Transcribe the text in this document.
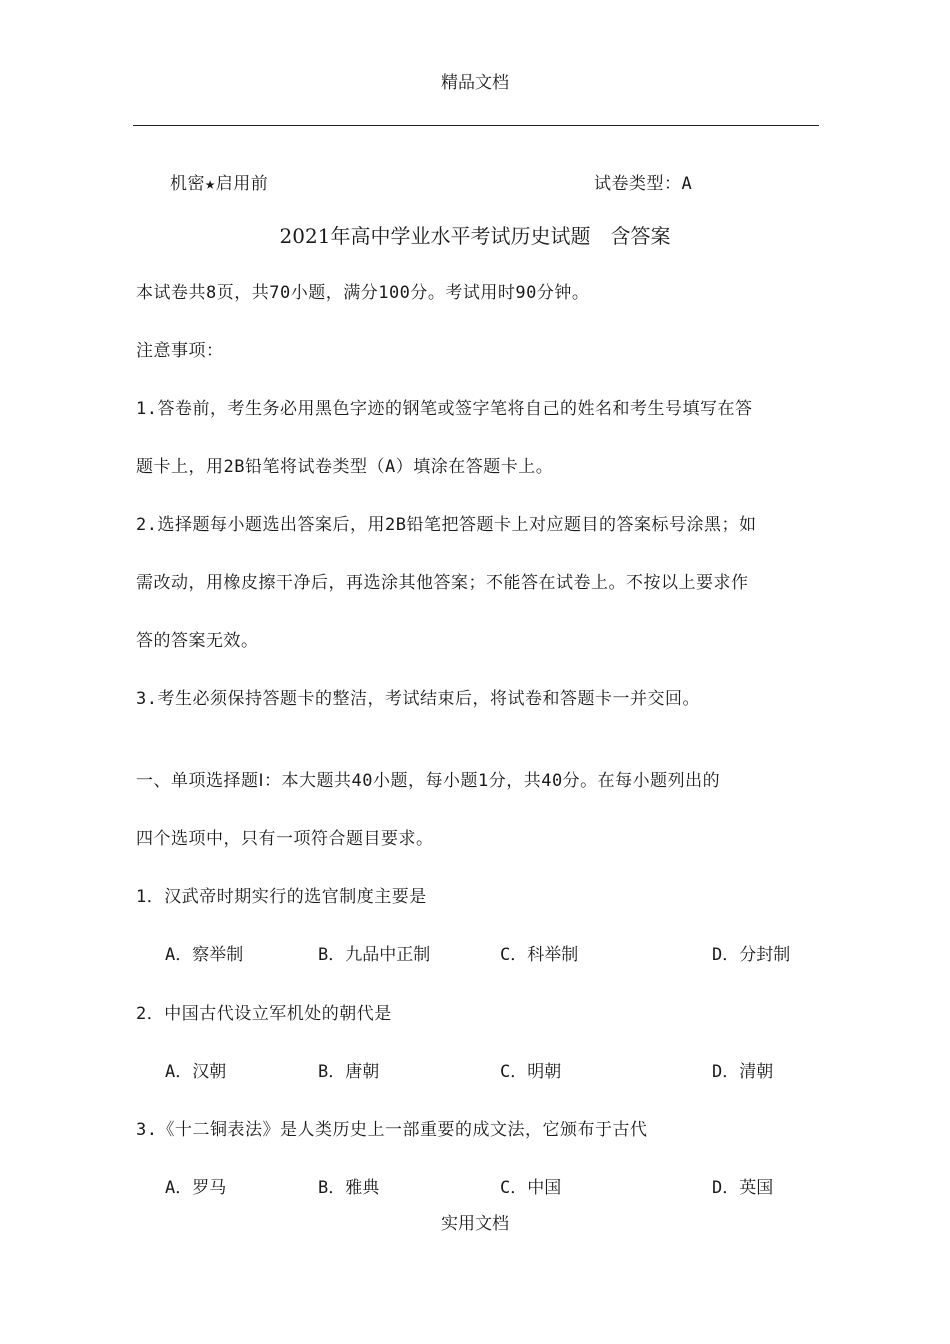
精品文档
机密★启用前	试卷类型：A
2021年高中学业水平考试历史试题　含答案
本试卷共8页，共70小题，满分100分。考试用时90分钟。
注意事项：
1.答卷前，考生务必用黑色字迹的钢笔或签字笔将自己的姓名和考生号填写在答
题卡上，用2B铅笔将试卷类型（A）填涂在答题卡上。
2.选择题每小题选出答案后，用2B铅笔把答题卡上对应题目的答案标号涂黑；如
需改动，用橡皮擦干净后，再选涂其他答案；不能答在试卷上。不按以上要求作
答的答案无效。
3.考生必须保持答题卡的整洁，考试结束后，将试卷和答题卡一并交回。
一、单项选择题Ⅰ：本大题共40小题，每小题1分，共40分。在每小题列出的
四个选项中，只有一项符合题目要求。
1．汉武帝时期实行的选官制度主要是
A．察举制	B．九品中正制	C．科举制	D．分封制
2．中国古代设立军机处的朝代是
A．汉朝	B．唐朝	C．明朝	D．清朝
3.《十二铜表法》是人类历史上一部重要的成文法，它颁布于古代
A．罗马	B．雅典	C．中国	D．英国
实用文档
